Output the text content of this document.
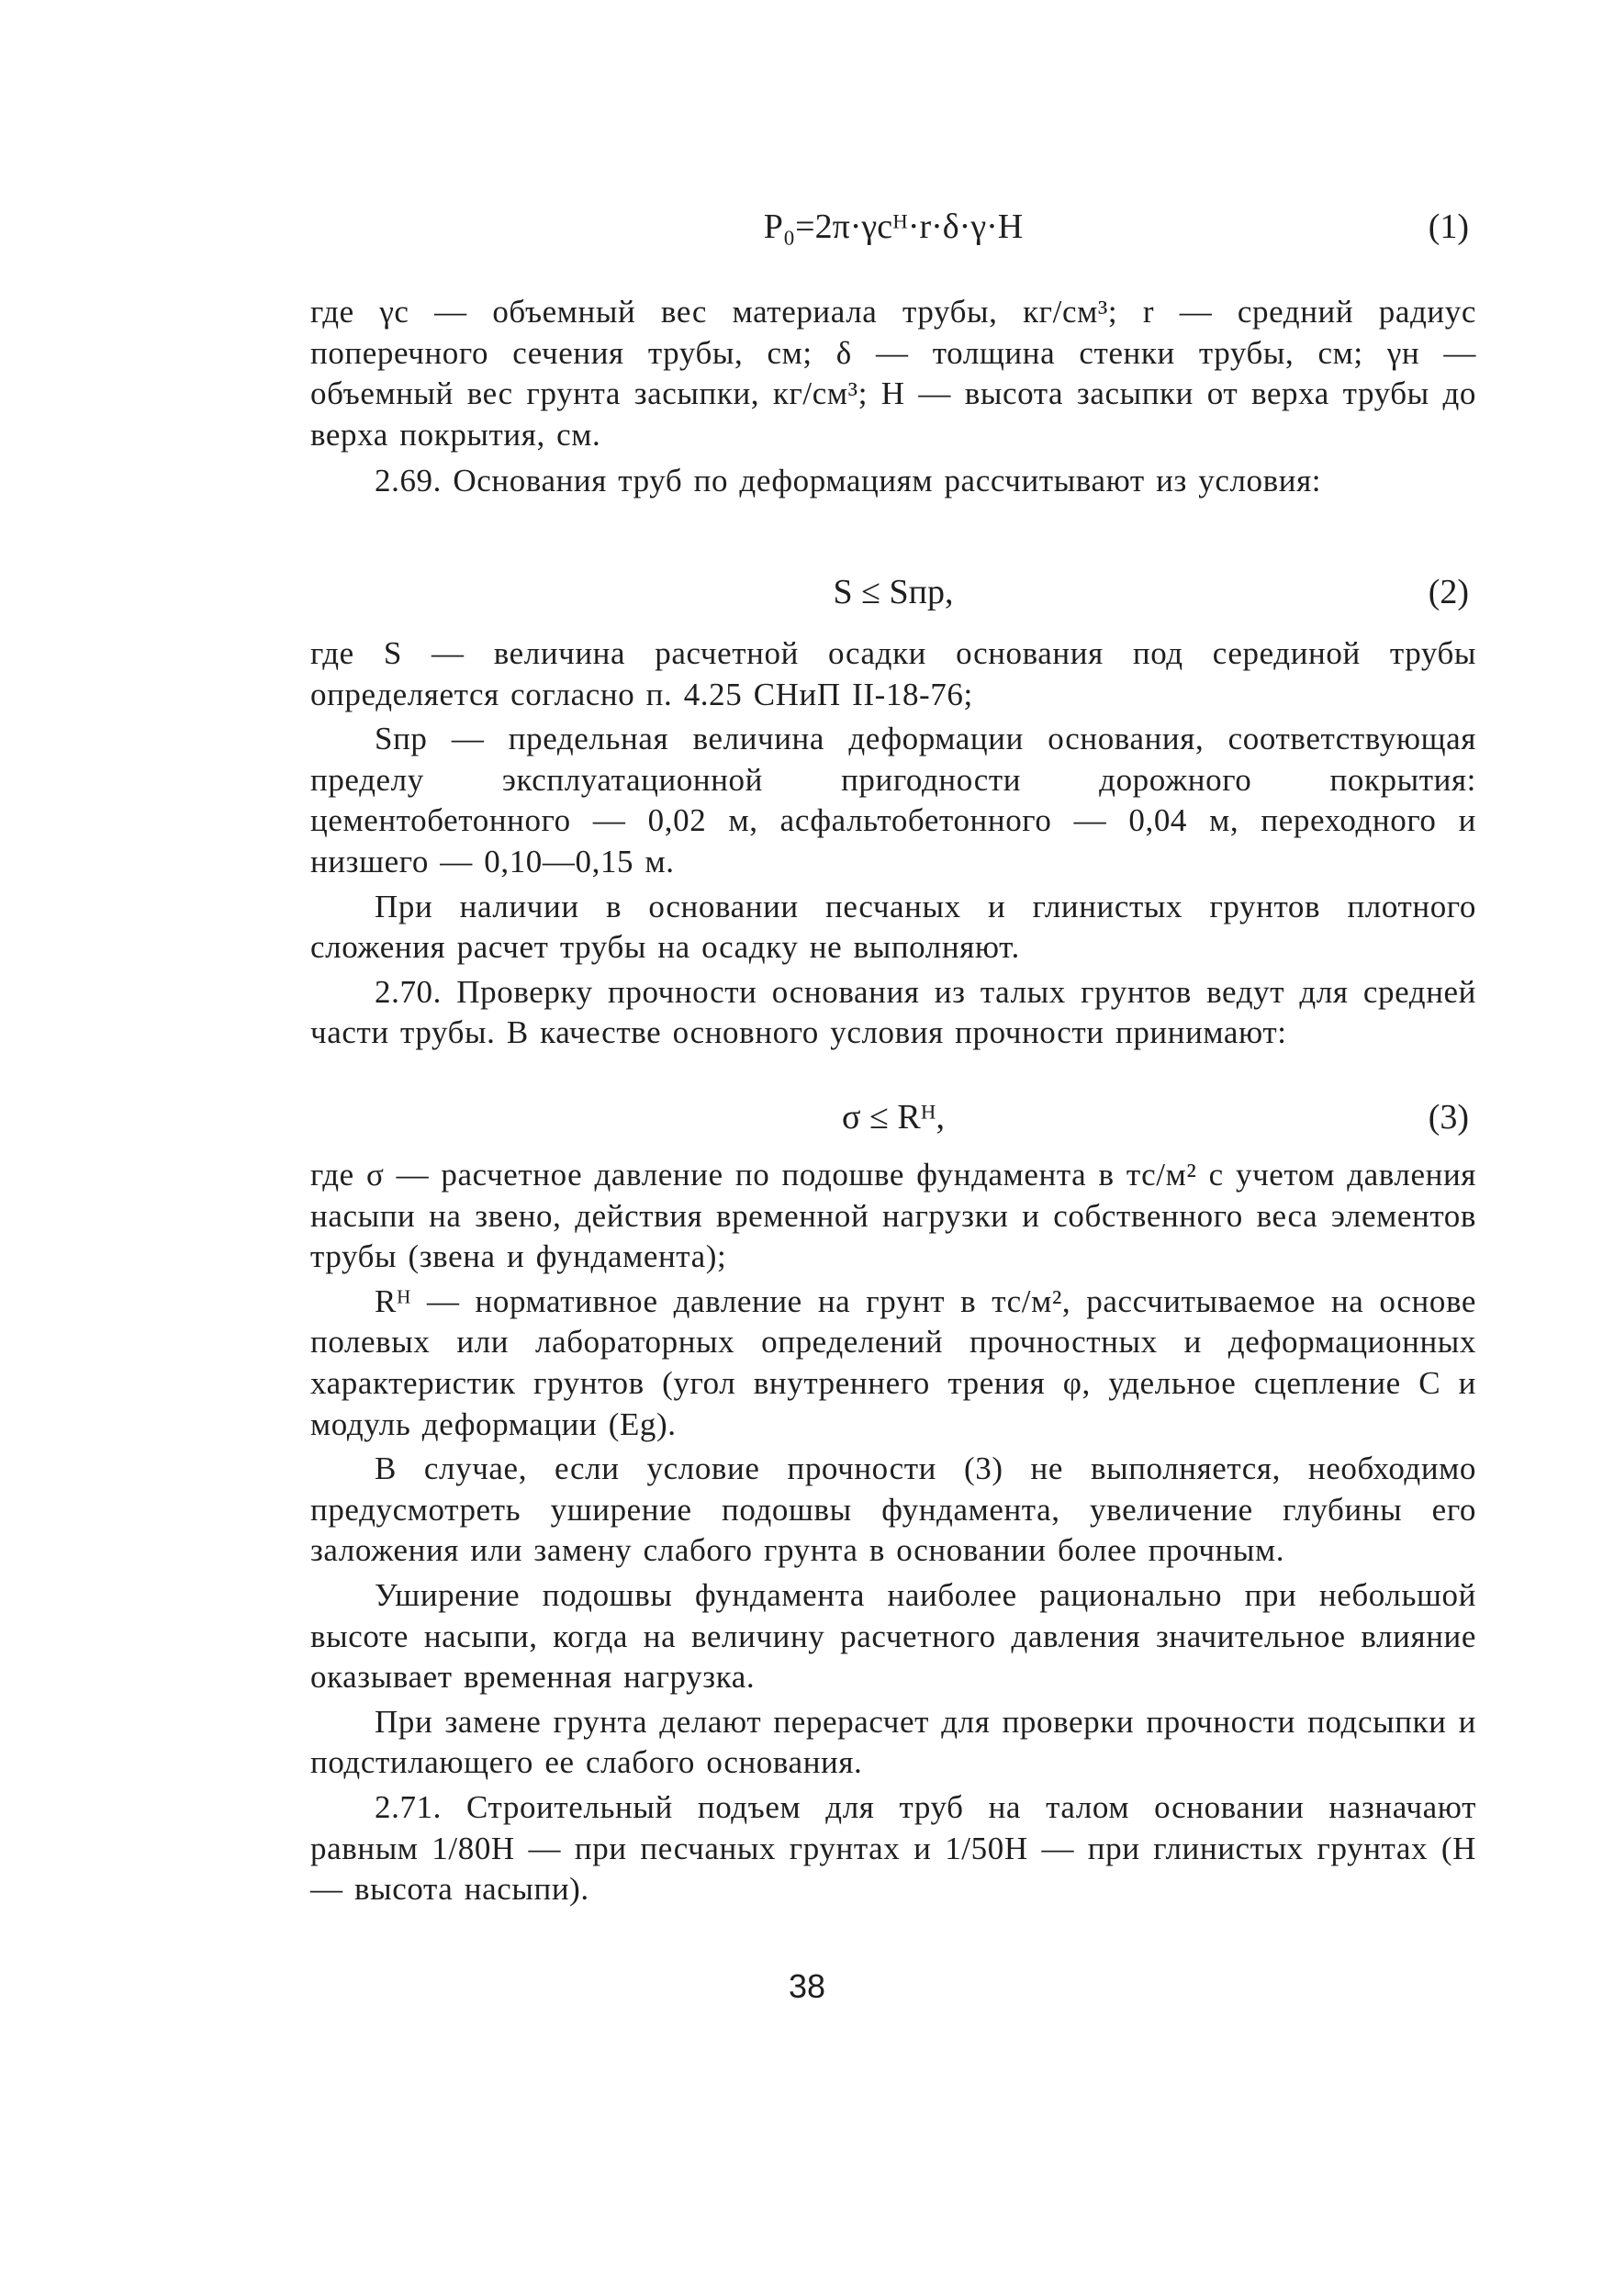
P₀=2π·γcᴴ·r·δ·γ·H	(1)

где γс — объемный вес материала трубы, кг/см³; r — средний радиус поперечного сечения трубы, см; δ — толщина стенки трубы, см; γн — объемный вес грунта засыпки, кг/см³; H — высота засыпки от верха трубы до верха покрытия, см.

2.69. Основания труб по деформациям рассчитывают из условия:

S ≤ Sпр,	(2)

где S — величина расчетной осадки основания под серединой трубы определяется согласно п. 4.25 СНиП II-18-76;

Sпр — предельная величина деформации основания, соответствующая пределу эксплуатационной пригодности дорожного покрытия: цементобетонного — 0,02 м, асфальтобетонного — 0,04 м, переходного и низшего — 0,10—0,15 м.

При наличии в основании песчаных и глинистых грунтов плотного сложения расчет трубы на осадку не выполняют.

2.70. Проверку прочности основания из талых грунтов ведут для средней части трубы. В качестве основного условия прочности принимают:

σ ≤ Rᴴ,	(3)

где σ — расчетное давление по подошве фундамента в тс/м² с учетом давления насыпи на звено, действия временной нагрузки и собственного веса элементов трубы (звена и фундамента);

Rᴴ — нормативное давление на грунт в тс/м², рассчитываемое на основе полевых или лабораторных определений прочностных и деформационных характеристик грунтов (угол внутреннего трения φ, удельное сцепление C и модуль деформации (Eg).

В случае, если условие прочности (3) не выполняется, необходимо предусмотреть уширение подошвы фундамента, увеличение глубины его заложения или замену слабого грунта в основании более прочным.

Уширение подошвы фундамента наиболее рационально при небольшой высоте насыпи, когда на величину расчетного давления значительное влияние оказывает временная нагрузка.

При замене грунта делают перерасчет для проверки прочности подсыпки и подстилающего ее слабого основания.

2.71. Строительный подъем для труб на талом основании назначают равным 1/80H — при песчаных грунтах и 1/50H — при глинистых грунтах (H — высота насыпи).

38
